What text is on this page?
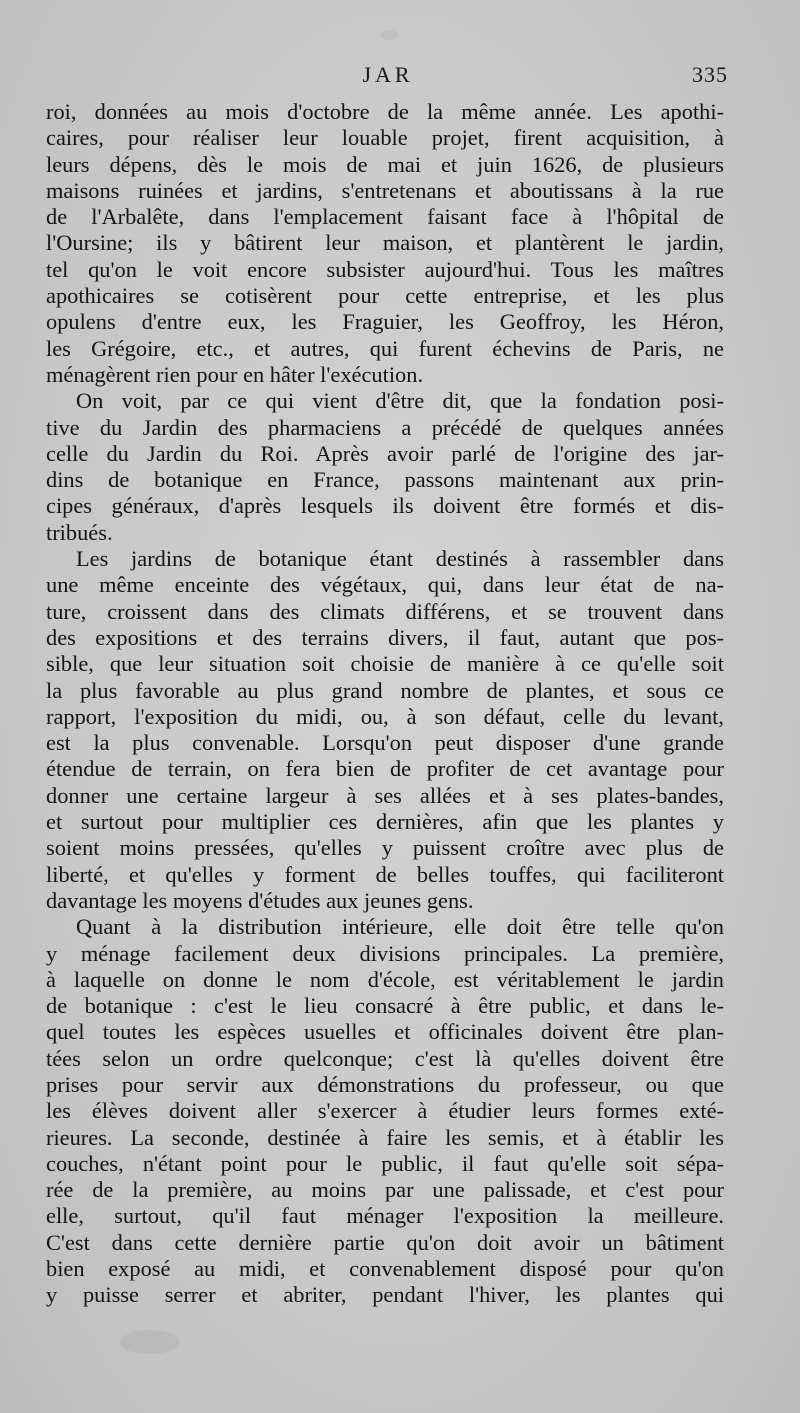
JAR	335
roi, données au mois d'octobre de la même année. Les apothi-
caires, pour réaliser leur louable projet, firent acquisition, à
leurs dépens, dès le mois de mai et juin 1626, de plusieurs
maisons ruinées et jardins, s'entretenans et aboutissans à la rue
de l'Arbalête, dans l'emplacement faisant face à l'hôpital de
l'Oursine; ils y bâtirent leur maison, et plantèrent le jardin,
tel qu'on le voit encore subsister aujourd'hui. Tous les maîtres
apothicaires se cotisèrent pour cette entreprise, et les plus
opulens d'entre eux, les Fraguier, les Geoffroy, les Héron,
les Grégoire, etc., et autres, qui furent échevins de Paris, ne
ménagèrent rien pour en hâter l'exécution.
On voit, par ce qui vient d'être dit, que la fondation posi-
tive du Jardin des pharmaciens a précédé de quelques années
celle du Jardin du Roi. Après avoir parlé de l'origine des jar-
dins de botanique en France, passons maintenant aux prin-
cipes généraux, d'après lesquels ils doivent être formés et dis-
tribués.
Les jardins de botanique étant destinés à rassembler dans
une même enceinte des végétaux, qui, dans leur état de na-
ture, croissent dans des climats différens, et se trouvent dans
des expositions et des terrains divers, il faut, autant que pos-
sible, que leur situation soit choisie de manière à ce qu'elle soit
la plus favorable au plus grand nombre de plantes, et sous ce
rapport, l'exposition du midi, ou, à son défaut, celle du levant,
est la plus convenable. Lorsqu'on peut disposer d'une grande
étendue de terrain, on fera bien de profiter de cet avantage pour
donner une certaine largeur à ses allées et à ses plates-bandes,
et surtout pour multiplier ces dernières, afin que les plantes y
soient moins pressées, qu'elles y puissent croître avec plus de
liberté, et qu'elles y forment de belles touffes, qui faciliteront
davantage les moyens d'études aux jeunes gens.
Quant à la distribution intérieure, elle doit être telle qu'on
y ménage facilement deux divisions principales. La première,
à laquelle on donne le nom d'école, est véritablement le jardin
de botanique : c'est le lieu consacré à être public, et dans le-
quel toutes les espèces usuelles et officinales doivent être plan-
tées selon un ordre quelconque; c'est là qu'elles doivent être
prises pour servir aux démonstrations du professeur, ou que
les élèves doivent aller s'exercer à étudier leurs formes exté-
rieures. La seconde, destinée à faire les semis, et à établir les
couches, n'étant point pour le public, il faut qu'elle soit sépa-
rée de la première, au moins par une palissade, et c'est pour
elle, surtout, qu'il faut ménager l'exposition la meilleure.
C'est dans cette dernière partie qu'on doit avoir un bâtiment
bien exposé au midi, et convenablement disposé pour qu'on
y puisse serrer et abriter, pendant l'hiver, les plantes qui
